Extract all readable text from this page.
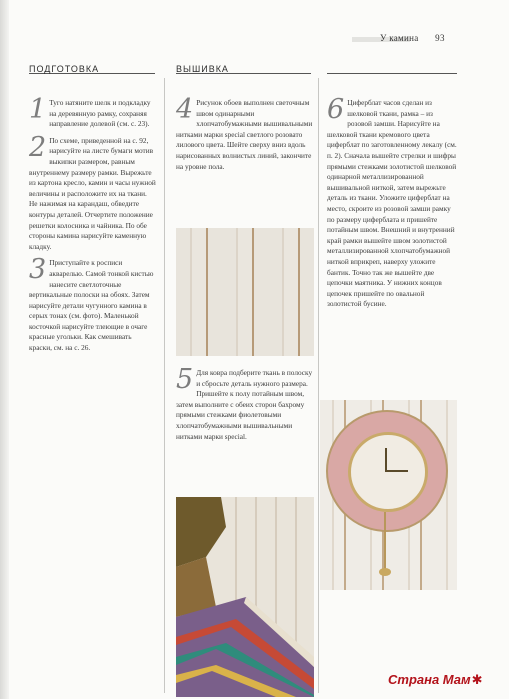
У камина 93
ПОДГОТОВКА

1 Туго натяните шелк и подкладку на деревянную рамку, сохраняя направление долевой (см. с. 23).

2 По схеме, приведенной на с. 92, нарисуйте на листе бумаги мотив выкипки размером, равным внутреннему размеру рамки. Вырежьте из картона кресло, камин и часы нужной величины и расположите их на ткани. Не нажимая на карандаш, обведите контуры деталей. Отчертите положение решетки колосника и чайника. По обе стороны камина нарисуйте каменную кладку.

3 Приступайте к росписи акварелью. Самой тонкой кистью нанесите светлоточные вертикальные полоски на обоях. Затем нарисуйте детали чугунного камина в серых тонах (см. фото). Маленькой косточкой нарисуйте тлеющие в очаге красные угольки. Как смешивать краски, см. на с. 26.

ВЫШИВКА

4 Рисунок обоев выполнен светочным швом одинарными хлопчатобумажными вышивальными нитками марки special светлого розовато лилового цвета. Шейте сверху вниз вдоль нарисованных волнистых линий, закончите на уровне пола.

5 Для ковра подберите ткань в полоску и сбросьте деталь нужного размера. Пришейте к полу потайным швом, затем выполните с обеих сторон бахрому прямыми стежками фиолетовыми хлопчатобумажными вышивальными нитками марки special.

6 Циферблат часов сделан из шелковой ткани, рамка – из розовой замши. Нарисуйте на шелковой ткани кремового цвета циферблат по заготовленному лекалу (см. п. 2). Сначала вышейте стрелки и шифры прямыми стежками золотистой шелковой одинарной металлизированной вышивальной ниткой, затем вырежьте деталь из ткани. Уложите циферблат на место, скроите из розовой замши рамку по размеру циферблата и пришейте потайным швом. Внешний и внутренний край рамки вышейте швом золотистой металлизированной хлопчатобумажной ниткой вприкреп, наверху уложите бантик. Точно так же вышейте две цепочки маятника. У нижних концов цепочек пришейте по овальной золотистой бусине.

Страна Мам✱
